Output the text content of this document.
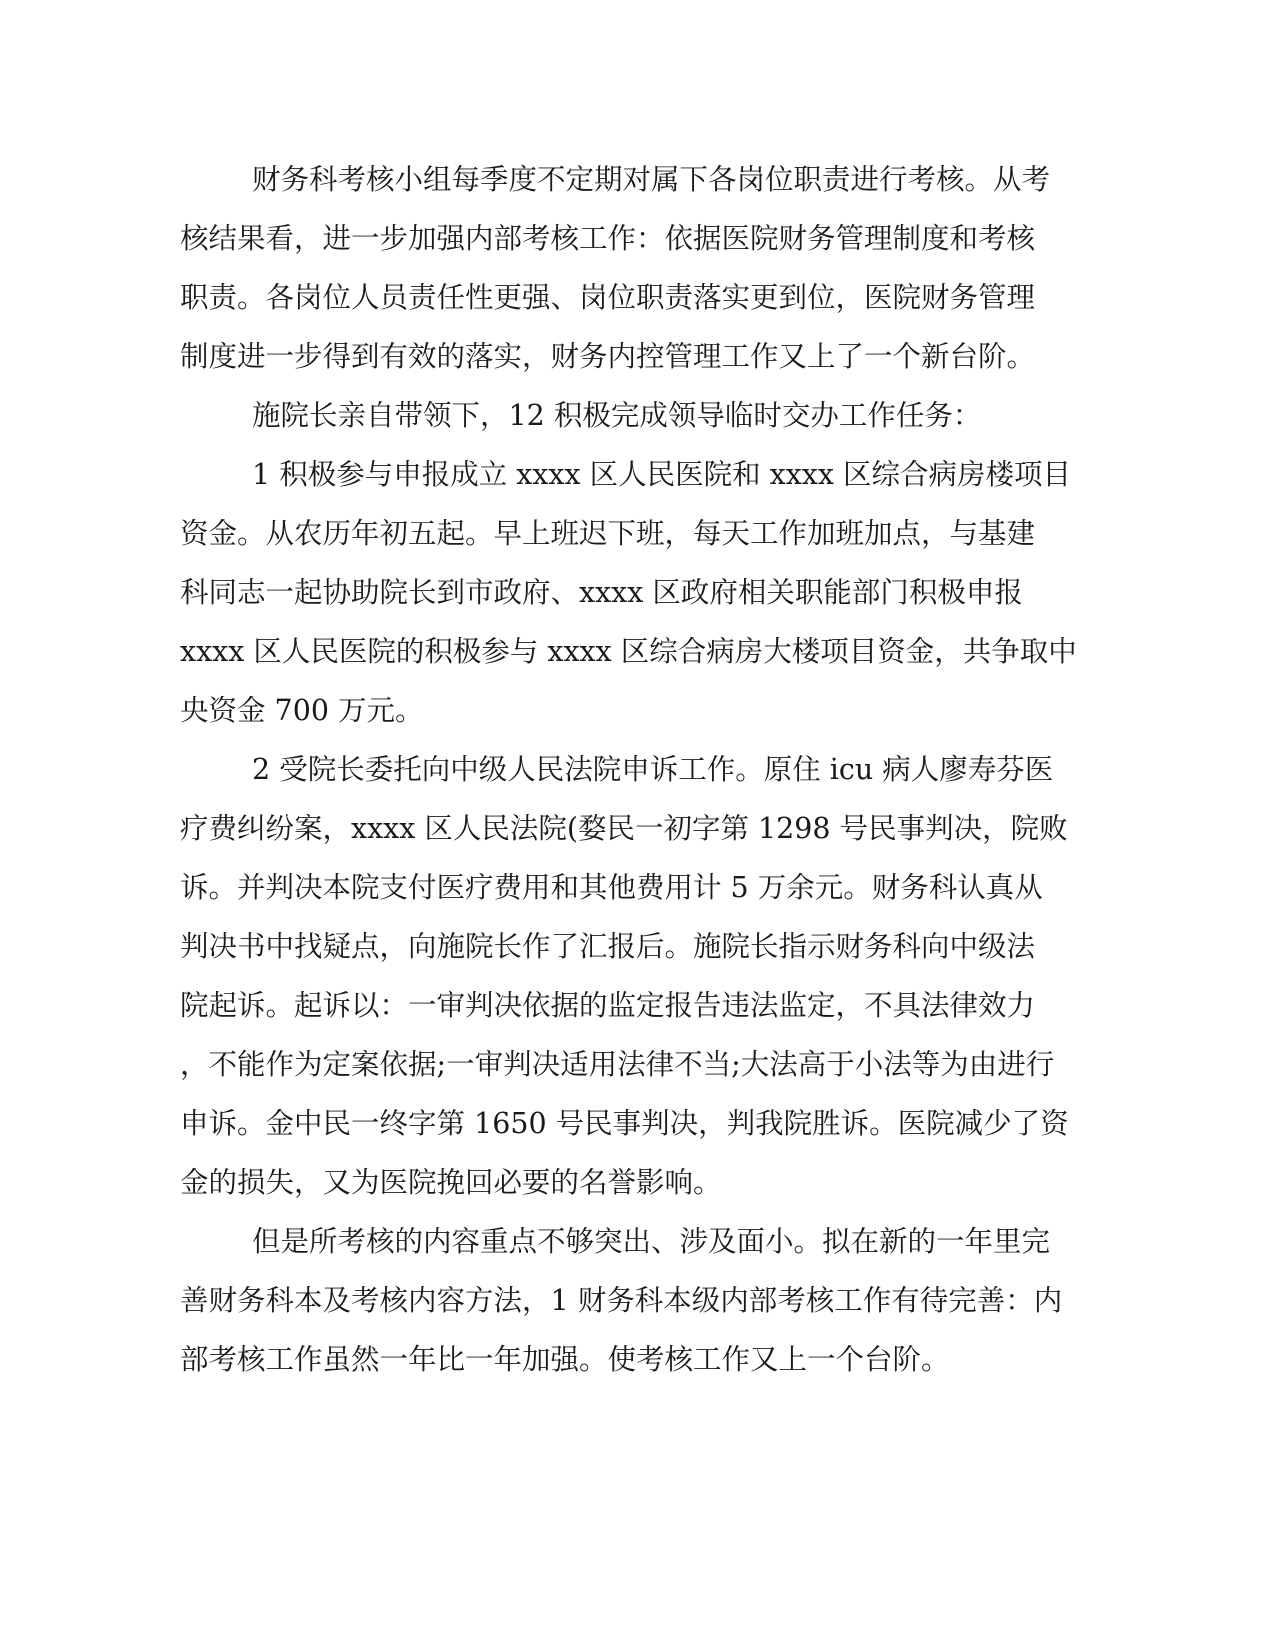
财务科考核小组每季度不定期对属下各岗位职责进行考核。从考

核结果看，进一步加强内部考核工作：依据医院财务管理制度和考核

职责。各岗位人员责任性更强、岗位职责落实更到位，医院财务管理

制度进一步得到有效的落实，财务内控管理工作又上了一个新台阶。

施院长亲自带领下，12 积极完成领导临时交办工作任务：

1 积极参与申报成立 xxxx 区人民医院和 xxxx 区综合病房楼项目

资金。从农历年初五起。早上班迟下班，每天工作加班加点，与基建

科同志一起协助院长到市政府、xxxx 区政府相关职能部门积极申报

xxxx 区人民医院的积极参与 xxxx 区综合病房大楼项目资金，共争取中

央资金 700 万元。

2 受院长委托向中级人民法院申诉工作。原住 icu 病人廖寿芬医

疗费纠纷案，xxxx 区人民法院(婺民一初字第 1298 号民事判决，院败

诉。并判决本院支付医疗费用和其他费用计 5 万余元。财务科认真从

判决书中找疑点，向施院长作了汇报后。施院长指示财务科向中级法

院起诉。起诉以：一审判决依据的监定报告违法监定，不具法律效力

，不能作为定案依据;一审判决适用法律不当;大法高于小法等为由进行

申诉。金中民一终字第 1650 号民事判决，判我院胜诉。医院减少了资

金的损失，又为医院挽回必要的名誉影响。

但是所考核的内容重点不够突出、涉及面小。拟在新的一年里完

善财务科本及考核内容方法，1 财务科本级内部考核工作有待完善：内

部考核工作虽然一年比一年加强。使考核工作又上一个台阶。
